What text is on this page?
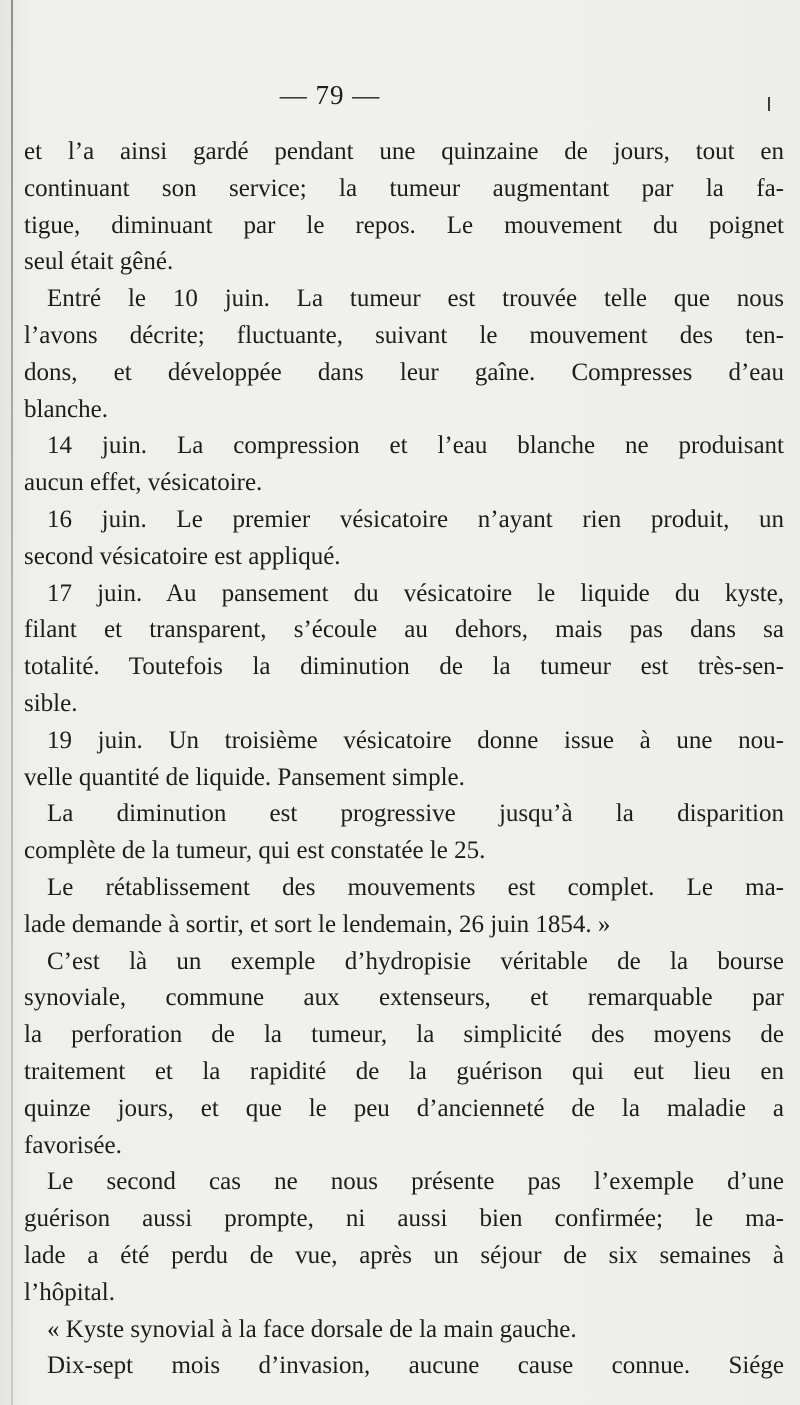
— 79 —
et l’a ainsi gardé pendant une quinzaine de jours, tout en
continuant son service; la tumeur augmentant par la fa-
tigue, diminuant par le repos. Le mouvement du poignet
seul était gêné.
Entré le 10 juin. La tumeur est trouvée telle que nous
l’avons décrite; fluctuante, suivant le mouvement des ten-
dons, et développée dans leur gaîne. Compresses d’eau
blanche.
14 juin. La compression et l’eau blanche ne produisant
aucun effet, vésicatoire.
16 juin. Le premier vésicatoire n’ayant rien produit, un
second vésicatoire est appliqué.
17 juin. Au pansement du vésicatoire le liquide du kyste,
filant et transparent, s’écoule au dehors, mais pas dans sa
totalité. Toutefois la diminution de la tumeur est très-sen-
sible.
19 juin. Un troisième vésicatoire donne issue à une nou-
velle quantité de liquide. Pansement simple.
La diminution est progressive jusqu’à la disparition
complète de la tumeur, qui est constatée le 25.
Le rétablissement des mouvements est complet. Le ma-
lade demande à sortir, et sort le lendemain, 26 juin 1854. »
C’est là un exemple d’hydropisie véritable de la bourse
synoviale, commune aux extenseurs, et remarquable par
la perforation de la tumeur, la simplicité des moyens de
traitement et la rapidité de la guérison qui eut lieu en
quinze jours, et que le peu d’ancienneté de la maladie a
favorisée.
Le second cas ne nous présente pas l’exemple d’une
guérison aussi prompte, ni aussi bien confirmée; le ma-
lade a été perdu de vue, après un séjour de six semaines à
l’hôpital.
« Kyste synovial à la face dorsale de la main gauche.
Dix-sept mois d’invasion, aucune cause connue. Siége
